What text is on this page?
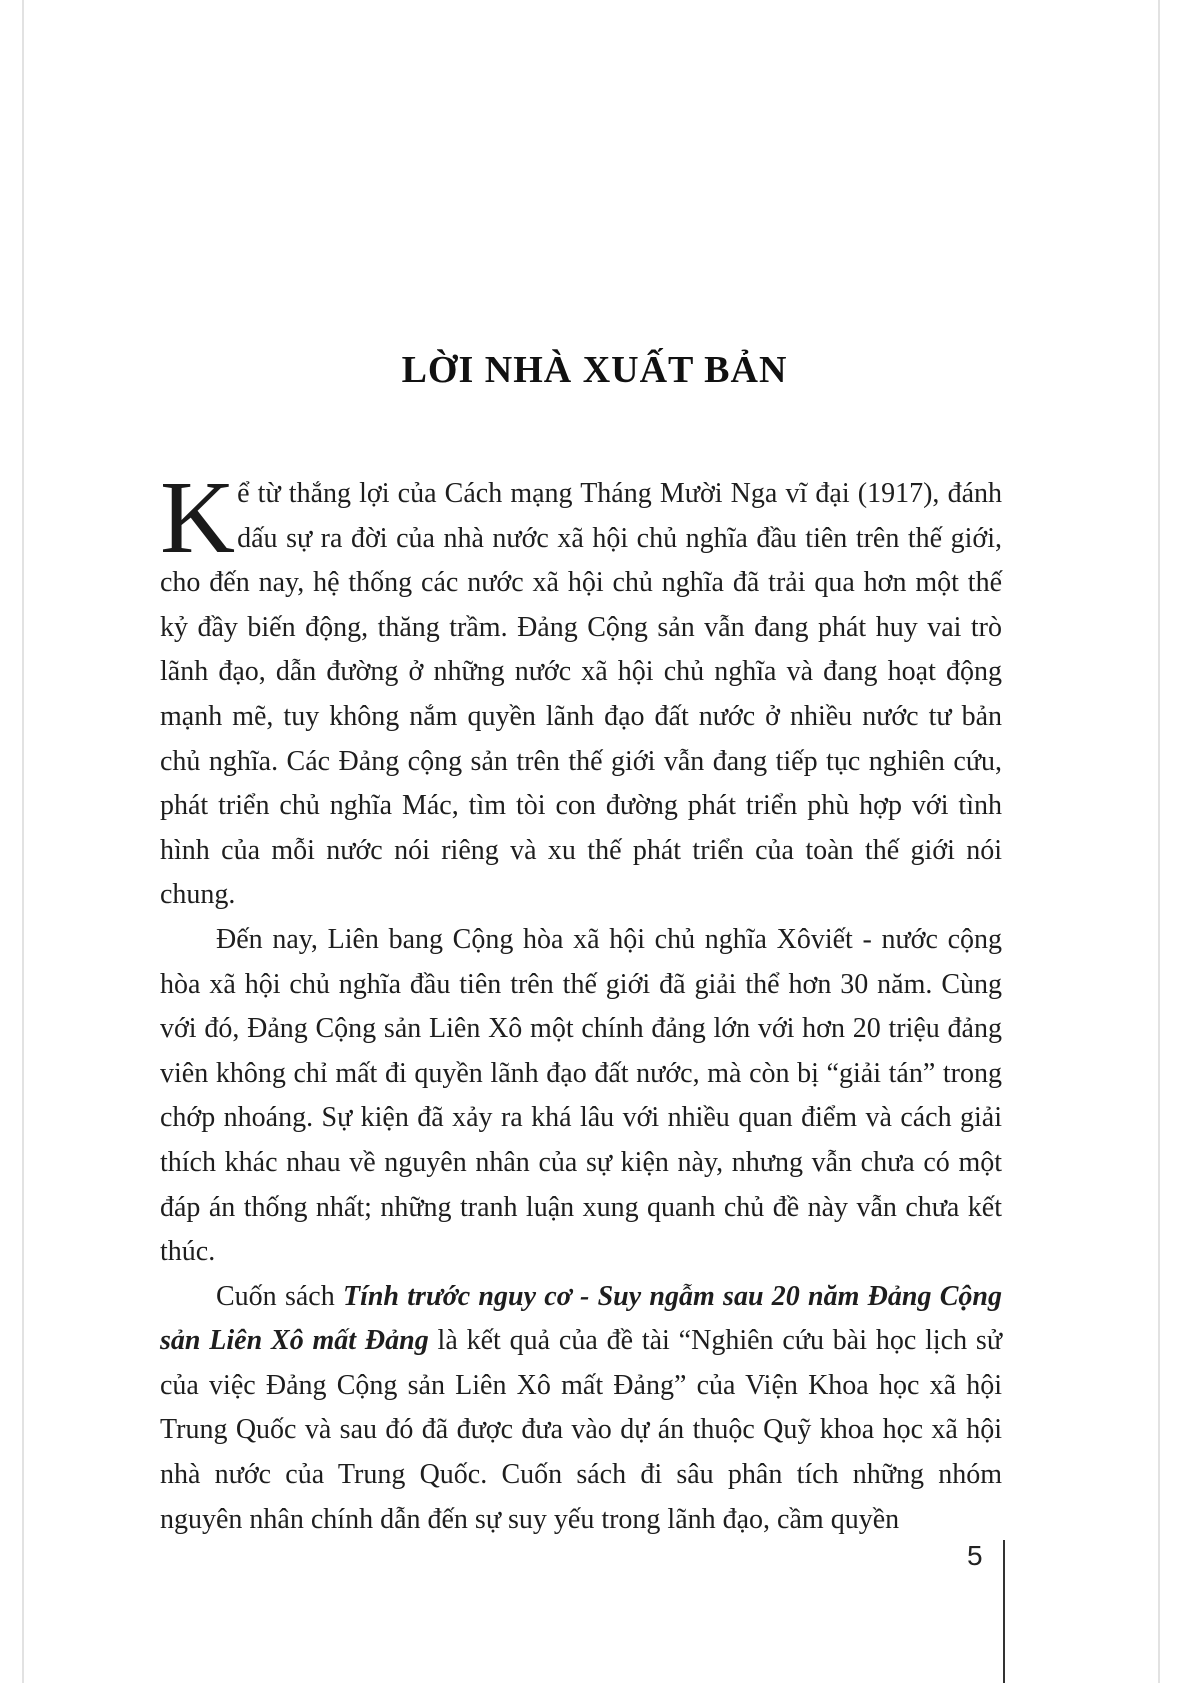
LỜI NHÀ XUẤT BẢN

Kể từ thắng lợi của Cách mạng Tháng Mười Nga vĩ đại (1917), đánh dấu sự ra đời của nhà nước xã hội chủ nghĩa đầu tiên trên thế giới, cho đến nay, hệ thống các nước xã hội chủ nghĩa đã trải qua hơn một thế kỷ đầy biến động, thăng trầm. Đảng Cộng sản vẫn đang phát huy vai trò lãnh đạo, dẫn đường ở những nước xã hội chủ nghĩa và đang hoạt động mạnh mẽ, tuy không nắm quyền lãnh đạo đất nước ở nhiều nước tư bản chủ nghĩa. Các Đảng cộng sản trên thế giới vẫn đang tiếp tục nghiên cứu, phát triển chủ nghĩa Mác, tìm tòi con đường phát triển phù hợp với tình hình của mỗi nước nói riêng và xu thế phát triển của toàn thế giới nói chung.

Đến nay, Liên bang Cộng hòa xã hội chủ nghĩa Xôviết - nước cộng hòa xã hội chủ nghĩa đầu tiên trên thế giới đã giải thể hơn 30 năm. Cùng với đó, Đảng Cộng sản Liên Xô một chính đảng lớn với hơn 20 triệu đảng viên không chỉ mất đi quyền lãnh đạo đất nước, mà còn bị “giải tán” trong chớp nhoáng. Sự kiện đã xảy ra khá lâu với nhiều quan điểm và cách giải thích khác nhau về nguyên nhân của sự kiện này, nhưng vẫn chưa có một đáp án thống nhất; những tranh luận xung quanh chủ đề này vẫn chưa kết thúc.

Cuốn sách Tính trước nguy cơ - Suy ngẫm sau 20 năm Đảng Cộng sản Liên Xô mất Đảng là kết quả của đề tài “Nghiên cứu bài học lịch sử của việc Đảng Cộng sản Liên Xô mất Đảng” của Viện Khoa học xã hội Trung Quốc và sau đó đã được đưa vào dự án thuộc Quỹ khoa học xã hội nhà nước của Trung Quốc. Cuốn sách đi sâu phân tích những nhóm nguyên nhân chính dẫn đến sự suy yếu trong lãnh đạo, cầm quyền

5
